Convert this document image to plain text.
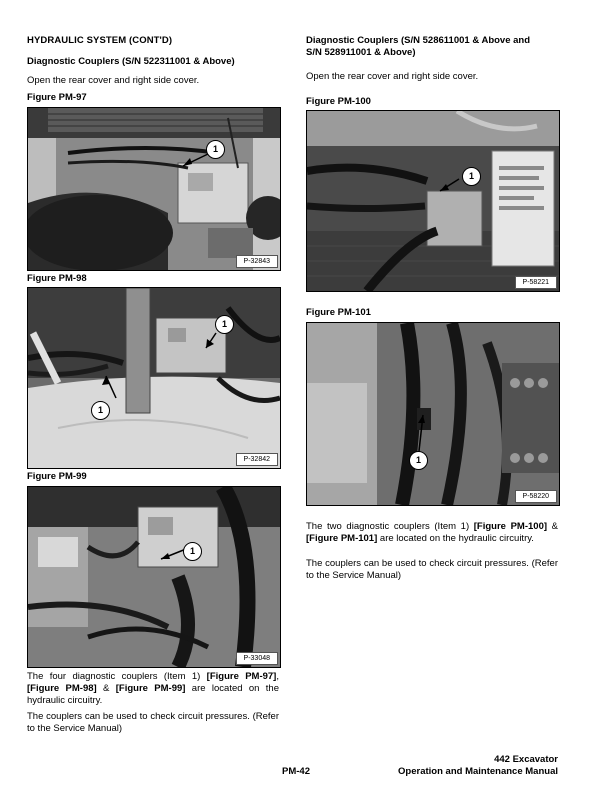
HYDRAULIC SYSTEM (CONT'D)
Diagnostic Couplers (S/N 522311001 & Above)
Open the rear cover and right side cover.
Figure PM-97
1
P-32843
Figure PM-98
1
1
P-32842
Figure PM-99
1
P-33048
The four diagnostic couplers (Item 1) [Figure PM-97], [Figure PM-98] & [Figure PM-99] are located on the hydraulic circuitry.
The couplers can be used to check circuit pressures. (Refer to the Service Manual)
Diagnostic Couplers (S/N 528611001 & Above and
S/N 528911001 & Above)
Open the rear cover and right side cover.
Figure PM-100
1
P-58221
Figure PM-101
1
P-58220
The two diagnostic couplers (Item 1) [Figure PM-100] & [Figure PM-101] are located on the hydraulic circuitry.
The couplers can be used to check circuit pressures. (Refer to the Service Manual)
PM-42
442 Excavator
Operation and Maintenance Manual
